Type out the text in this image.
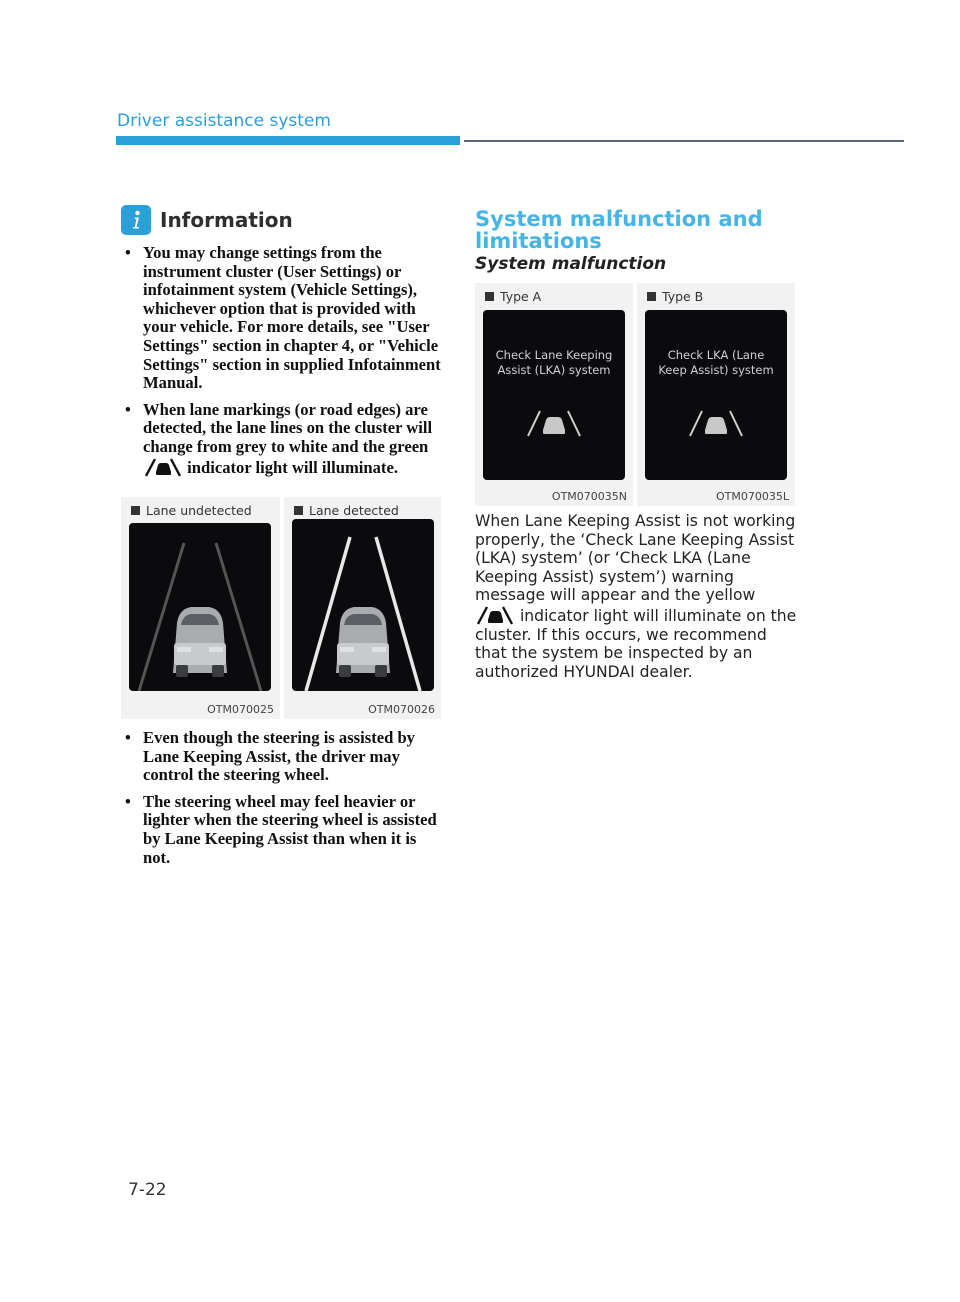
Driver assistance system
Information
• You may change settings from the instrument cluster (User Settings) or infotainment system (Vehicle Settings), whichever option that is provided with your vehicle. For more details, see "User Settings" section in chapter 4, or "Vehicle Settings" section in supplied Infotainment Manual.
• When lane markings (or road edges) are detected, the lane lines on the cluster will change from grey to white and the green  indicator light will illuminate.
Lane undetected
OTM070025
Lane detected
OTM070026
• Even though the steering is assisted by Lane Keeping Assist, the driver may control the steering wheel.
• The steering wheel may feel heavier or lighter when the steering wheel is assisted by Lane Keeping Assist than when it is not.
System malfunction and limitations
System malfunction
Type A
Check Lane Keeping Assist (LKA) system
OTM070035N
Type B
Check LKA (Lane Keep Assist) system
OTM070035L
When Lane Keeping Assist is not working properly, the ‘Check Lane Keeping Assist (LKA) system’ (or ‘Check LKA (Lane Keeping Assist) system’) warning message will appear and the yellow  indicator light will illuminate on the cluster. If this occurs, we recommend that the system be inspected by an authorized HYUNDAI dealer.
7-22
